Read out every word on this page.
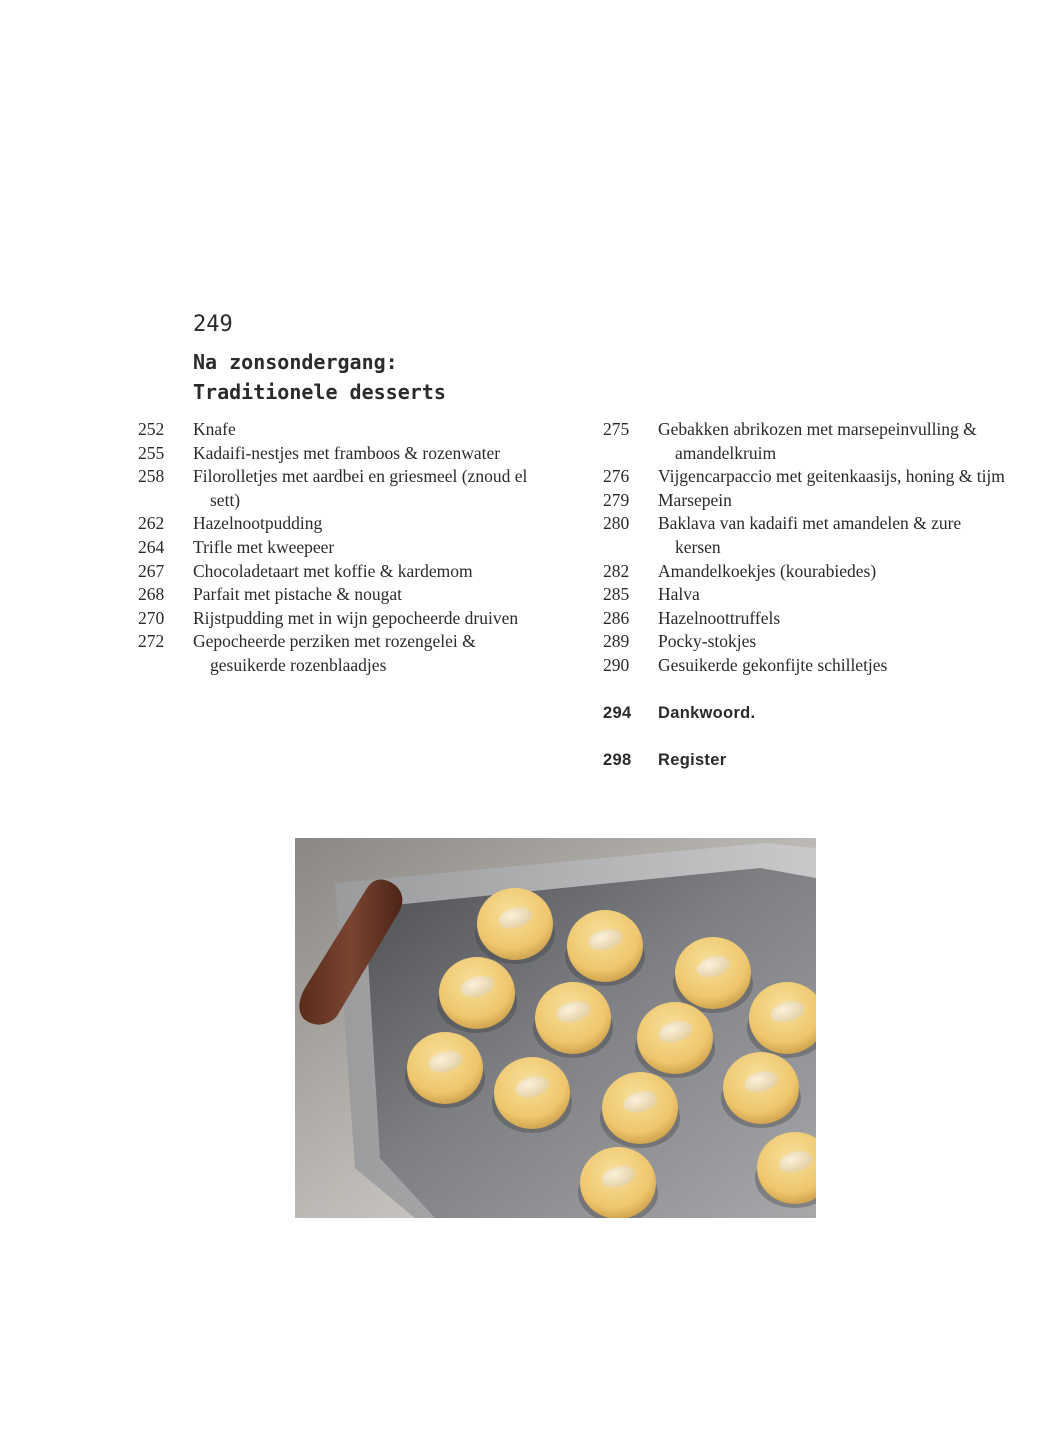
249
Na zonsondergang:
Traditionele desserts
252 Knafe
255 Kadaifi-nestjes met framboos & rozenwater
258 Filorolletjes met aardbei en griesmeel (znoud el sett)
262 Hazelnootpudding
264 Trifle met kweepeer
267 Chocoladetaart met koffie & kardemom
268 Parfait met pistache & nougat
270 Rijstpudding met in wijn gepocheerde druiven
272 Gepocheerde perziken met rozengelei & gesuikerde rozenblaadjes
275 Gebakken abrikozen met marsepeinvulling & amandelkruim
276 Vijgencarpaccio met geitenkaasijs, honing & tijm
279 Marsepein
280 Baklava van kadaifi met amandelen & zure kersen
282 Amandelkoekjes (kourabiedes)
285 Halva
286 Hazelnoottruffels
289 Pocky-stokjes
290 Gesuikerde gekonfijte schilletjes
294 Dankwoord.
298 Register
